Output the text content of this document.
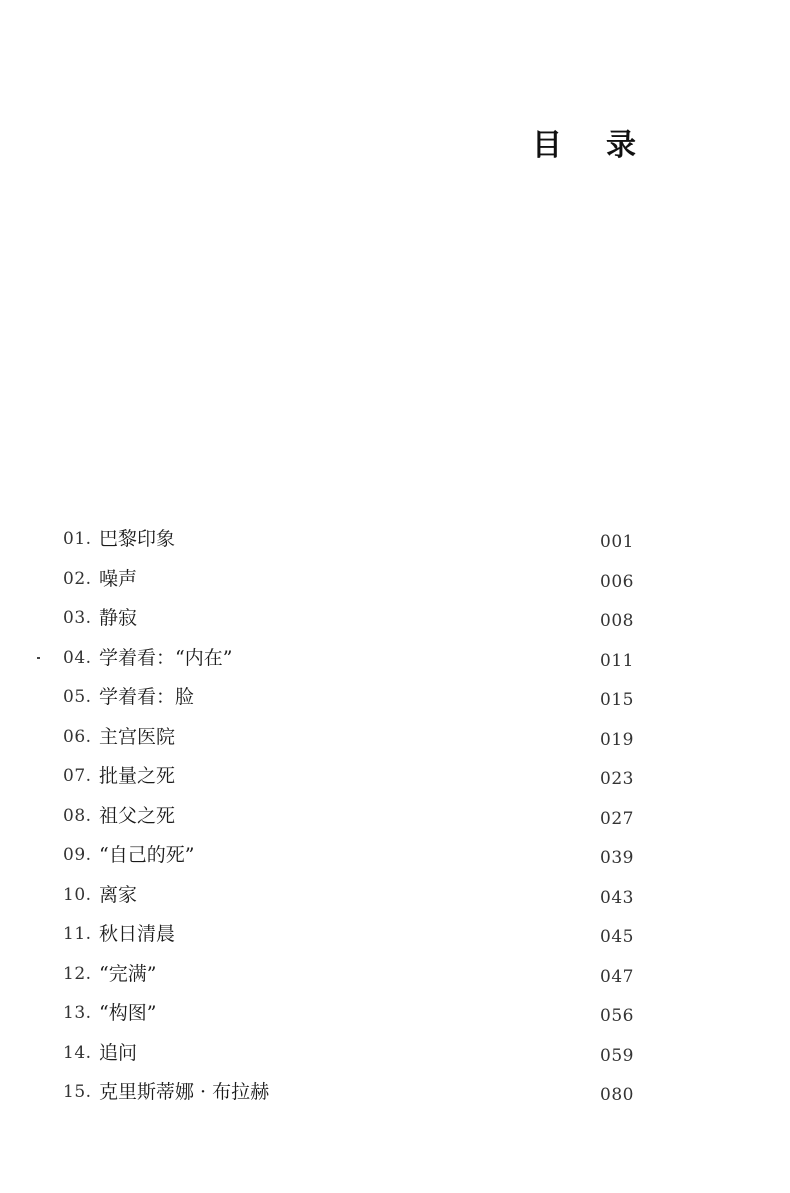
目 录
01. 巴黎印象	001
02. 噪声	006
03. 静寂	008
04. 学着看：“内在”	011
05. 学着看：脸	015
06. 主宫医院	019
07. 批量之死	023
08. 祖父之死	027
09. “自己的死”	039
10. 离家	043
11. 秋日清晨	045
12. “完满”	047
13. “构图”	056
14. 追问	059
15. 克里斯蒂娜 · 布拉赫	080
